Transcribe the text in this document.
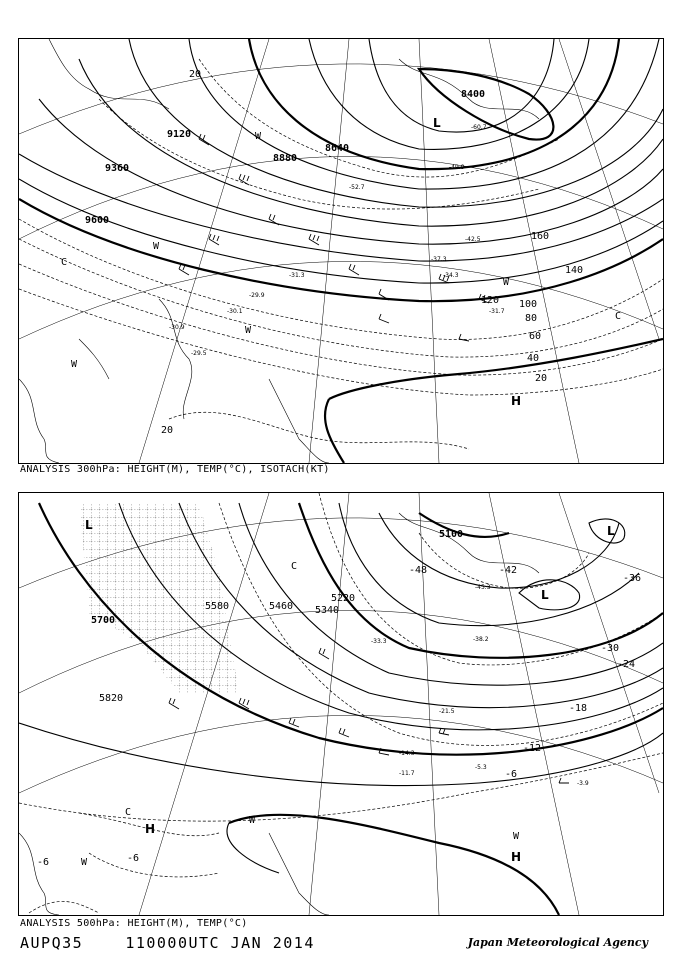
9600
9360
9120
8880
8640
8400
20
40
60
80
100
120
140
160
20
20
-31.3
-29.9
-30.9
-29.5
-30.1
-42.5
-52.7
-60.7
-49.9
-37.3
-34.3
-31.7
L
H
W
W
W
W
W
C
C
ANALYSIS 300hPa: HEIGHT(M), TEMP(°C), ISOTACH(KT)
5820
5700
5580	5460 5340
5220
5100
-48	-42
-36
-30
-24
-18
-12
-6
-6	-6
-14.3
-11.7
-5.3
-3.9
-21.5
-38.2
-45.3
-33.3
L
L
L
H
H
W
W
W
C
C
ANALYSIS 500hPa: HEIGHT(M), TEMP(°C)
AUPQ35	110000UTC JAN 2014	Japan Meteorological Agency
